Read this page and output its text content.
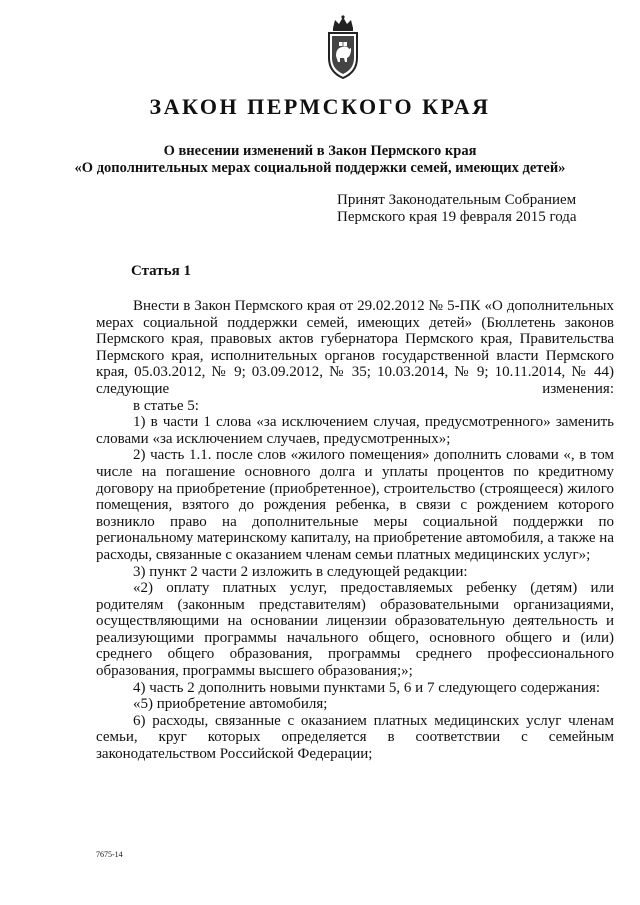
ЗАКОН ПЕРМСКОГО КРАЯ
О внесении изменений в Закон Пермского края
«О дополнительных мерах социальной поддержки семей, имеющих детей»
Принят Законодательным Собранием
Пермского края 19 февраля 2015 года
Статья 1

Внести в Закон Пермского края от 29.02.2012 № 5-ПК «О дополнительных мерах социальной поддержки семей, имеющих детей» (Бюллетень законов Пермского края, правовых актов губернатора Пермского края, Правительства Пермского края, исполнительных органов государственной власти Пермского края, 05.03.2012, № 9; 03.09.2012, № 35; 10.03.2014, № 9; 10.11.2014, № 44) следующие изменения:

в статье 5:

1) в части 1 слова «за исключением случая, предусмотренного» заменить словами «за исключением случаев, предусмотренных»;

2) часть 1.1. после слов «жилого помещения» дополнить словами «, в том числе на погашение основного долга и уплаты процентов по кредитному договору на приобретение (приобретенное), строительство (строящееся) жилого помещения, взятого до рождения ребенка, в связи с рождением которого возникло право на дополнительные меры социальной поддержки по региональному материнскому капиталу, на приобретение автомобиля, а также на расходы, связанные с оказанием членам семьи платных медицинских услуг»;

3) пункт 2 части 2 изложить в следующей редакции:

«2) оплату платных услуг, предоставляемых ребенку (детям) или родителям (законным представителям) образовательными организациями, осуществляющими на основании лицензии образовательную деятельность и реализующими программы начального общего, основного общего и (или) среднего общего образования, программы среднего профессионального образования, программы высшего образования;»;

4) часть 2 дополнить новыми пунктами 5, 6 и 7 следующего содержания:

«5) приобретение автомобиля;

6) расходы, связанные с оказанием платных медицинских услуг членам семьи, круг которых определяется в соответствии с семейным законодательством Российской Федерации;

7675-14
